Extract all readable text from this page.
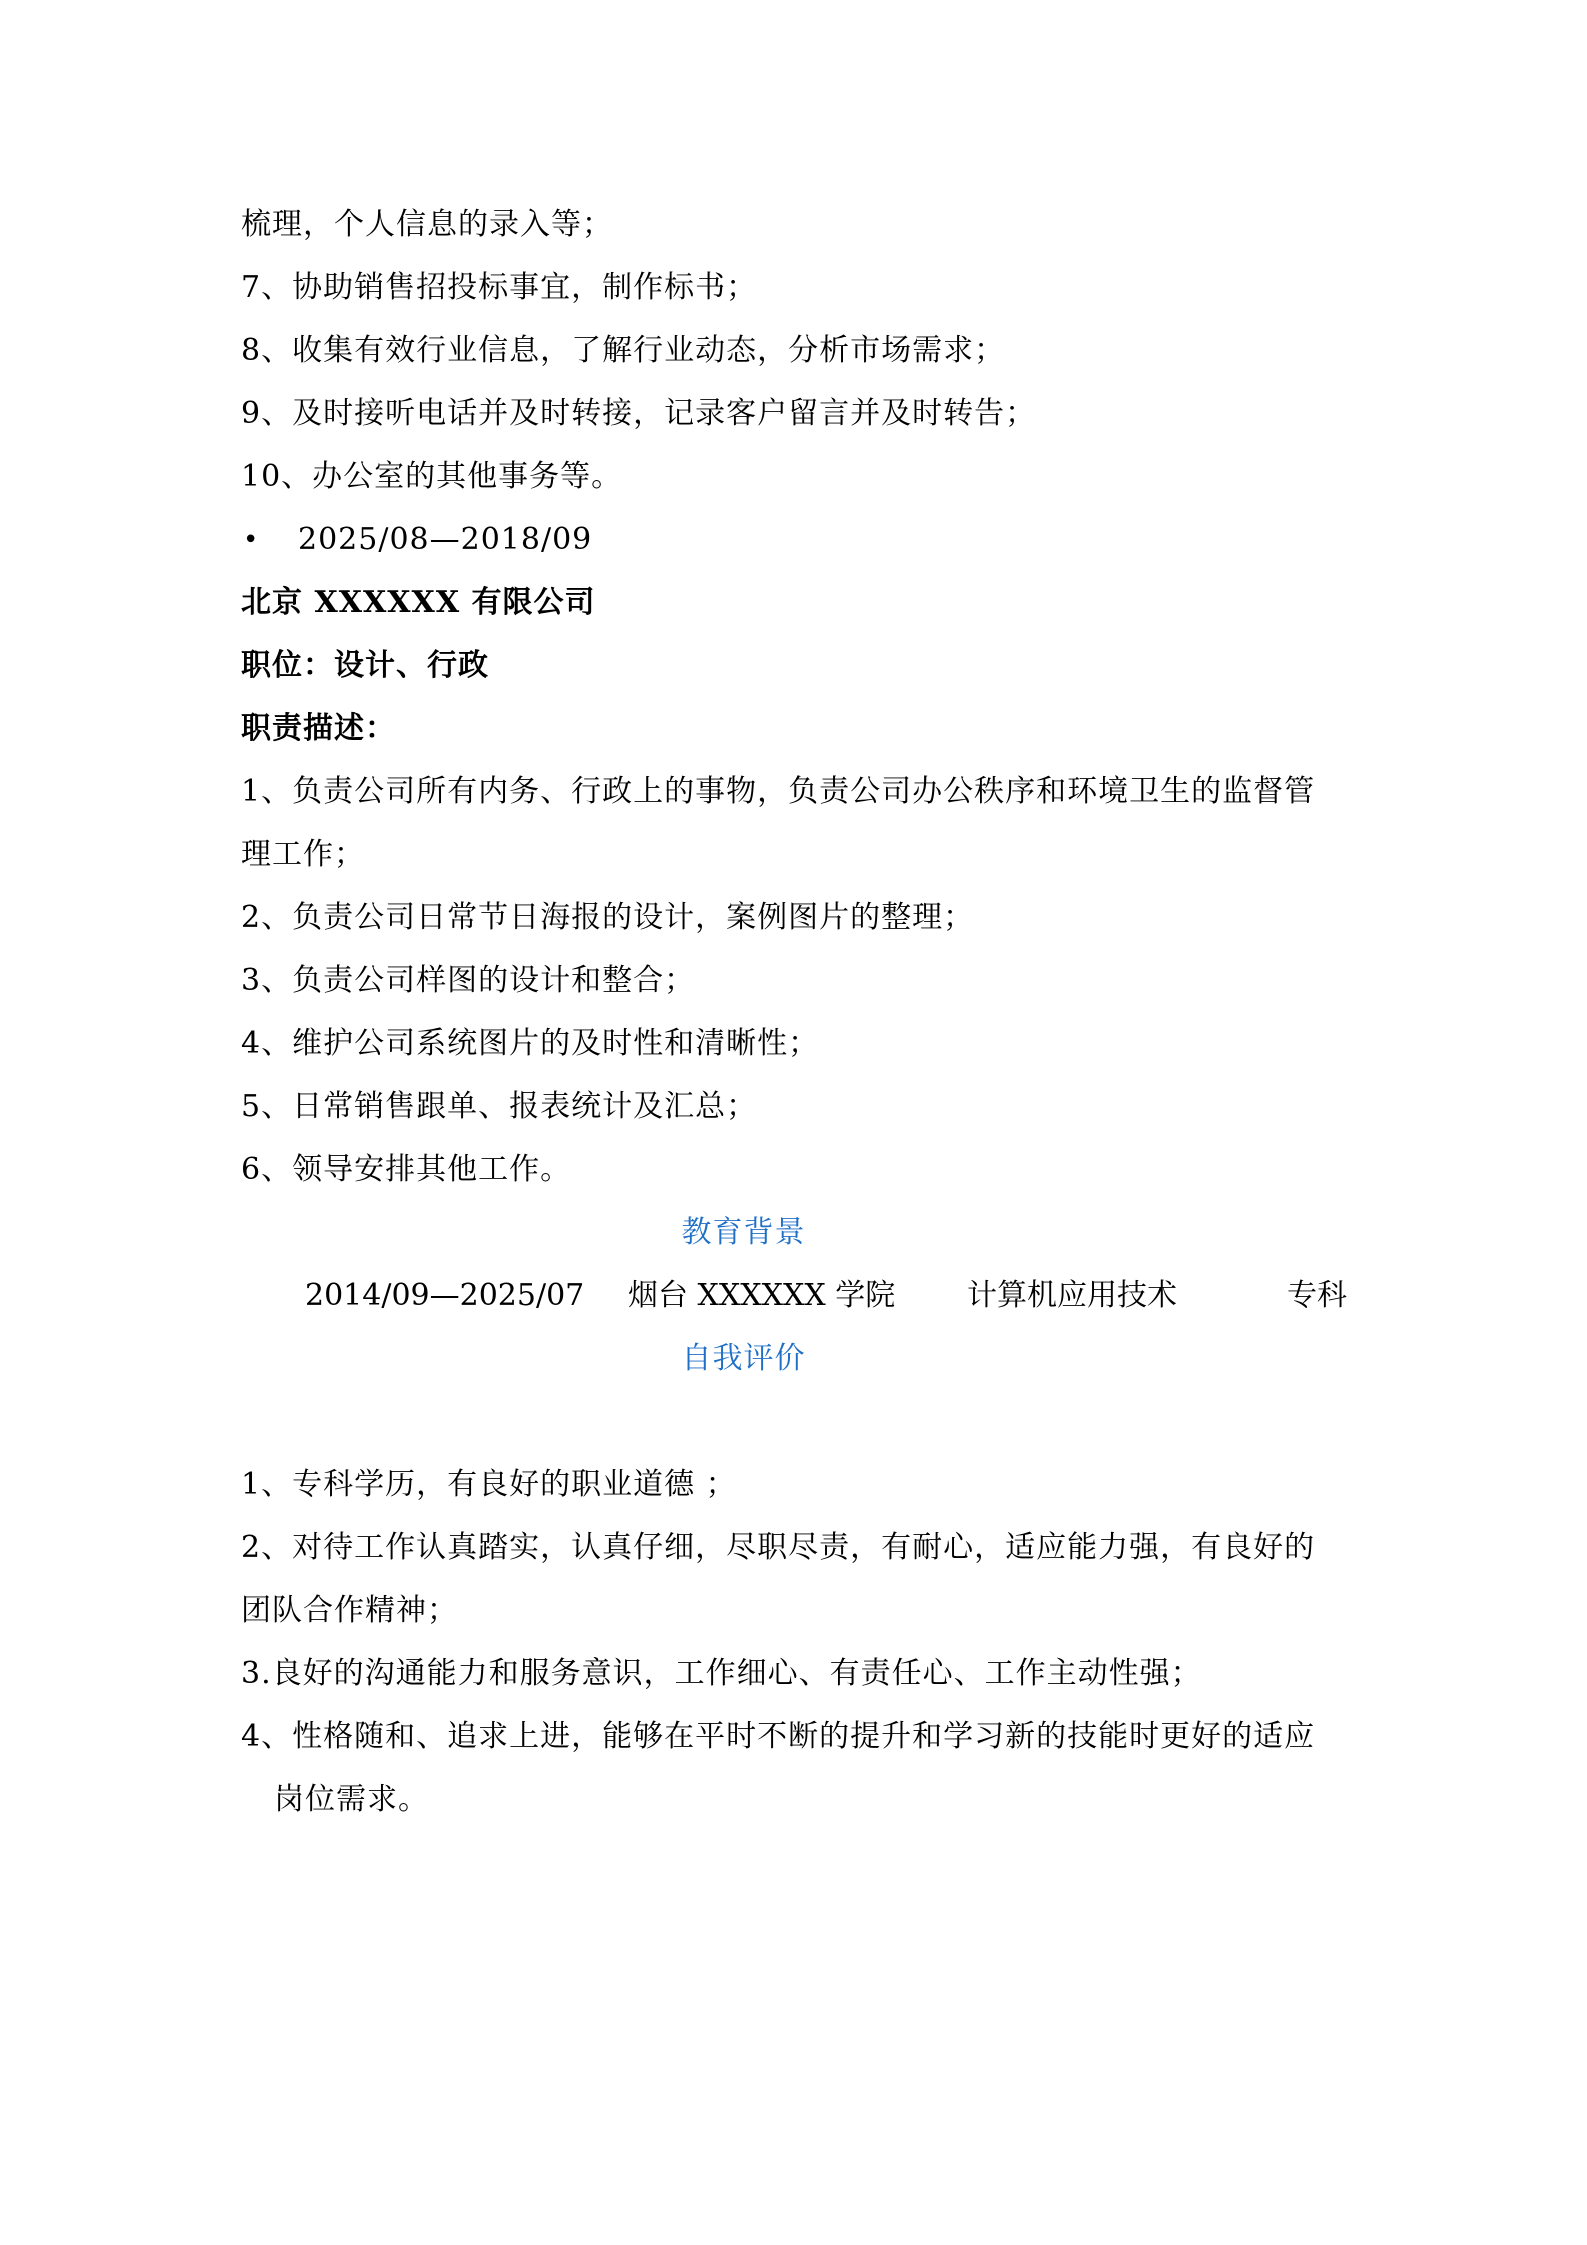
梳理，个人信息的录入等；
7、协助销售招投标事宜，制作标书；
8、收集有效行业信息，了解行业动态，分析市场需求；
9、及时接听电话并及时转接，记录客户留言并及时转告；
10、办公室的其他事务等。
• 2025/08—2018/09
北京 XXXXXX 有限公司
职位：设计、行政
职责描述：
1、负责公司所有内务、行政上的事物，负责公司办公秩序和环境卫生的监督管
理工作；
2、负责公司日常节日海报的设计，案例图片的整理；
3、负责公司样图的设计和整合；
4、维护公司系统图片的及时性和清晰性；
5、日常销售跟单、报表统计及汇总；
6、领导安排其他工作。
教育背景
2014/09—2025/07 烟台 XXXXXX 学院 计算机应用技术	专科
自我评价
1、专科学历，有良好的职业道德 ；
2、对待工作认真踏实，认真仔细，尽职尽责，有耐心，适应能力强，有良好的
团队合作精神；
3.良好的沟通能力和服务意识，工作细心、有责任心、工作主动性强；
4、性格随和、追求上进，能够在平时不断的提升和学习新的技能时更好的适应
岗位需求。
